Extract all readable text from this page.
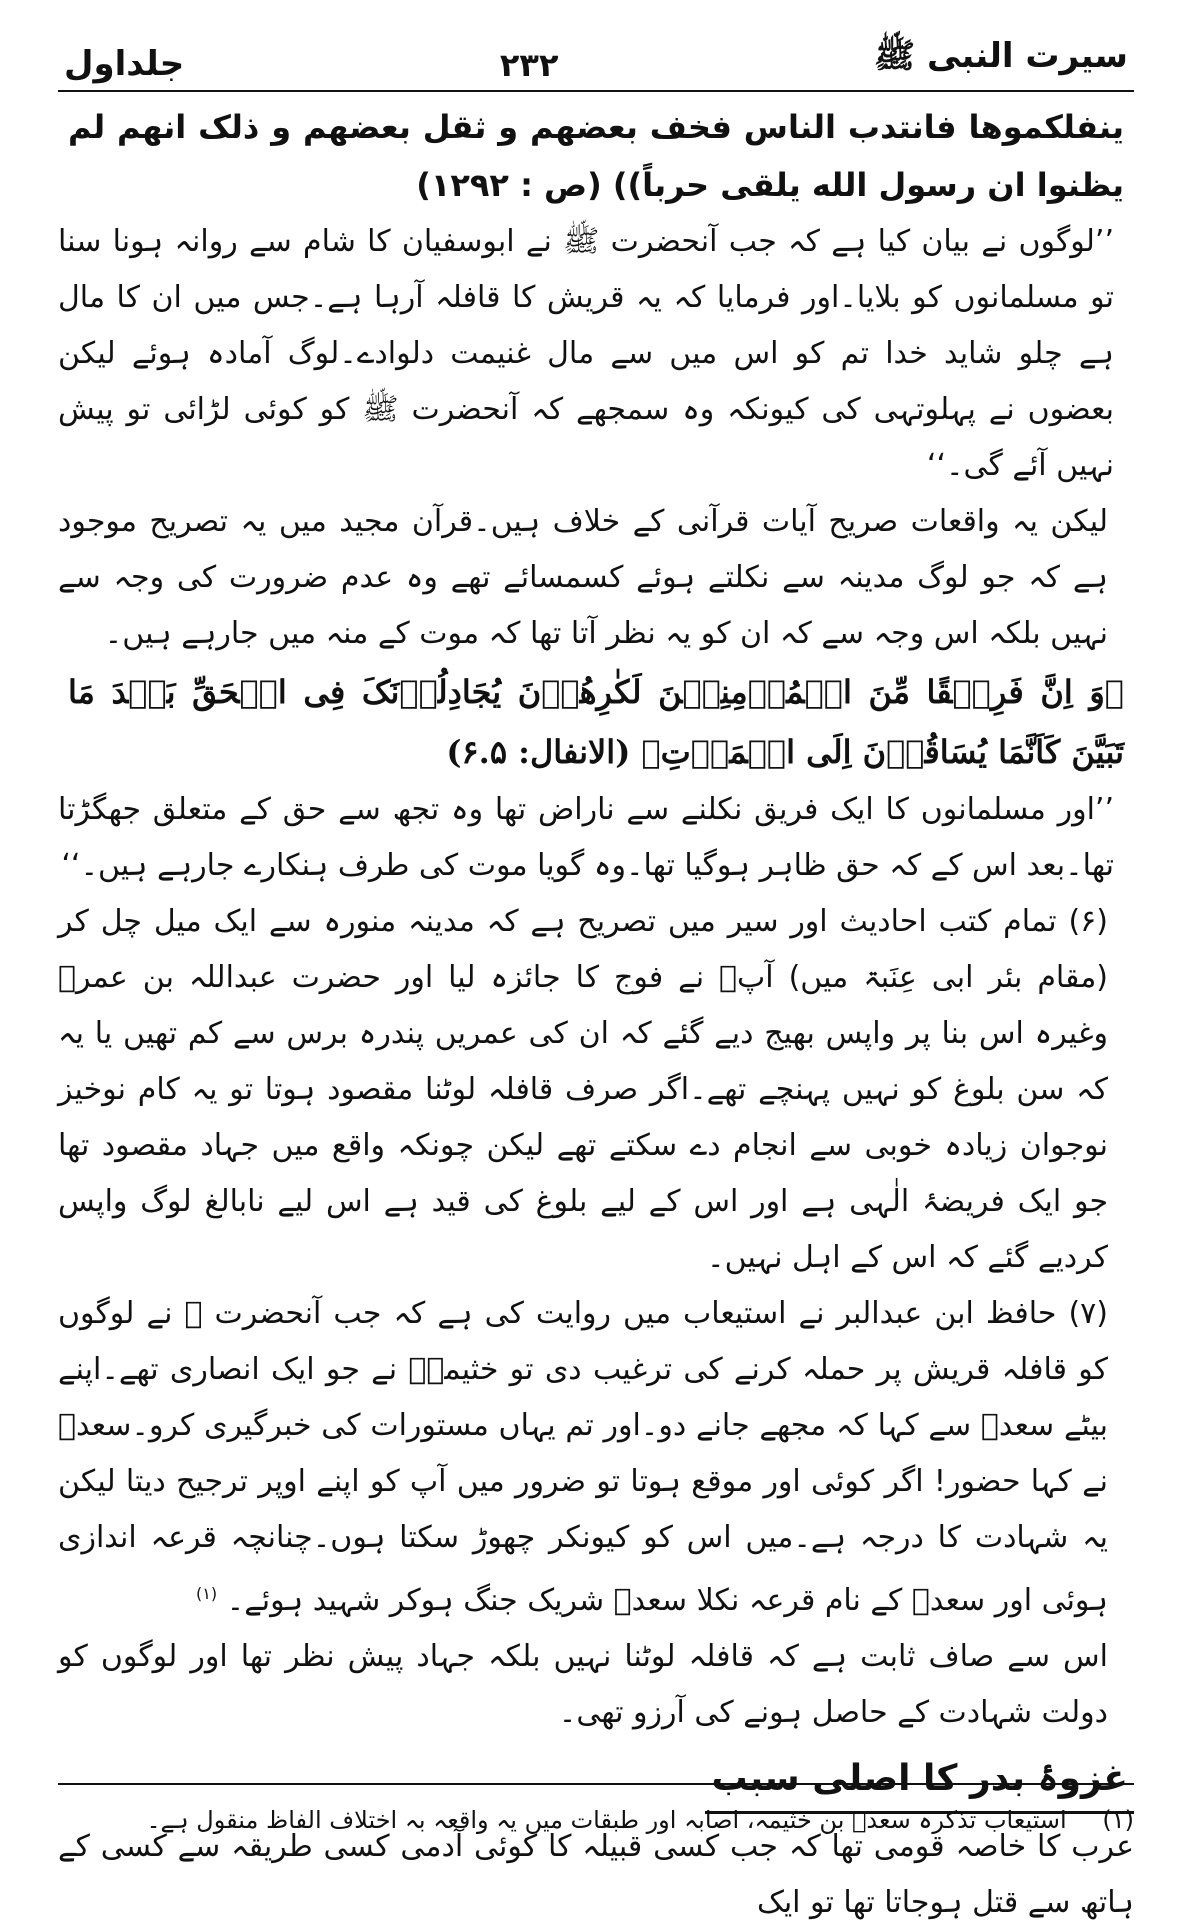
سیرت النبی ﷺ
۲۳۲
جلداول

ینفلکموها فانتدب الناس فخف بعضهم و ثقل بعضهم و ذلک انهم لم یظنوا ان رسول الله یلقی حرباً)) (ص : ۱۲۹۲)

’’لوگوں نے بیان کیا ہے کہ جب آنحضرت ﷺ نے ابوسفیان کا شام سے روانہ ہونا سنا تو مسلمانوں کو بلایا۔اور فرمایا کہ یہ قریش کا قافلہ آرہا ہے۔جس میں ان کا مال ہے چلو شاید خدا تم کو اس میں سے مال غنیمت دلوادے۔لوگ آمادہ ہوئے لیکن بعضوں نے پہلوتہی کی کیونکہ وہ سمجھے کہ آنحضرت ﷺ کو کوئی لڑائی تو پیش نہیں آئے گی۔‘‘

لیکن یہ واقعات صریح آیات قرآنی کے خلاف ہیں۔قرآن مجید میں یہ تصریح موجود ہے کہ جو لوگ مدینہ سے نکلتے ہوئے کسمسائے تھے وہ عدم ضرورت کی وجہ سے نہیں بلکہ اس وجہ سے کہ ان کو یہ نظر آتا تھا کہ موت کے منہ میں جارہے ہیں۔

﴿وَ اِنَّ فَرِیۡقًا مِّنَ الۡمُؤۡمِنِیۡنَ لَکٰرِھُوۡنَ یُجَادِلُوۡنَکَ فِی الۡحَقِّ بَعۡدَ مَا تَبَیَّنَ کَاَنَّمَا یُسَاقُوۡنَ اِلَی الۡمَوۡتِ﴾ (الانفال: ۶.۵)

’’اور مسلمانوں کا ایک فریق نکلنے سے ناراض تھا وہ تجھ سے حق کے متعلق جھگڑتا تھا۔بعد اس کے کہ حق ظاہر ہوگیا تھا۔وہ گویا موت کی طرف ہنکارے جارہے ہیں۔‘‘

(۶) تمام کتب احادیث اور سیر میں تصریح ہے کہ مدینہ منورہ سے ایک میل چل کر (مقام بئر ابی عِنَبۃ میں) آپؐ نے فوج کا جائزہ لیا اور حضرت عبداللہ بن عمرؓ وغیرہ اس بنا پر واپس بھیج دیے گئے کہ ان کی عمریں پندرہ برس سے کم تھیں یا یہ کہ سن بلوغ کو نہیں پہنچے تھے۔اگر صرف قافلہ لوٹنا مقصود ہوتا تو یہ کام نوخیز نوجوان زیادہ خوبی سے انجام دے سکتے تھے لیکن چونکہ واقع میں جہاد مقصود تھا جو ایک فریضۂ الٰہی ہے اور اس کے لیے بلوغ کی قید ہے اس لیے نابالغ لوگ واپس کردیے گئے کہ اس کے اہل نہیں۔

(۷) حافظ ابن عبدالبر نے استیعاب میں روایت کی ہے کہ جب آنحضرت ﷺ نے لوگوں کو قافلہ قریش پر حملہ کرنے کی ترغیب دی تو خثیمہؓ نے جو ایک انصاری تھے۔اپنے بیٹے سعدؓ سے کہا کہ مجھے جانے دو۔اور تم یہاں مستورات کی خبرگیری کرو۔سعدؓ نے کہا حضور! اگر کوئی اور موقع ہوتا تو ضرور میں آپ کو اپنے اوپر ترجیح دیتا لیکن یہ شہادت کا درجہ ہے۔میں اس کو کیونکر چھوڑ سکتا ہوں۔چنانچہ قرعہ اندازی ہوئی اور سعدؓ کے نام قرعہ نکلا سعدؓ شریک جنگ ہوکر شہید ہوئے۔ $^{(۱)}$

اس سے صاف ثابت ہے کہ قافلہ لوٹنا نہیں بلکہ جہاد پیش نظر تھا اور لوگوں کو دولت شہادت کے حاصل ہونے کی آرزو تھی۔

غزوۂ بدر کا اصلی سبب

عرب کا خاصہ قومی تھا کہ جب کسی قبیلہ کا کوئی آدمی کسی طریقہ سے کسی کے ہاتھ سے قتل ہوجاتا تھا تو ایک

(۱) استیعاب تذکرہ سعدؓ بن خثیمہ، اصابہ اور طبقات میں یہ واقعہ بہ اختلاف الفاظ منقول ہے۔
